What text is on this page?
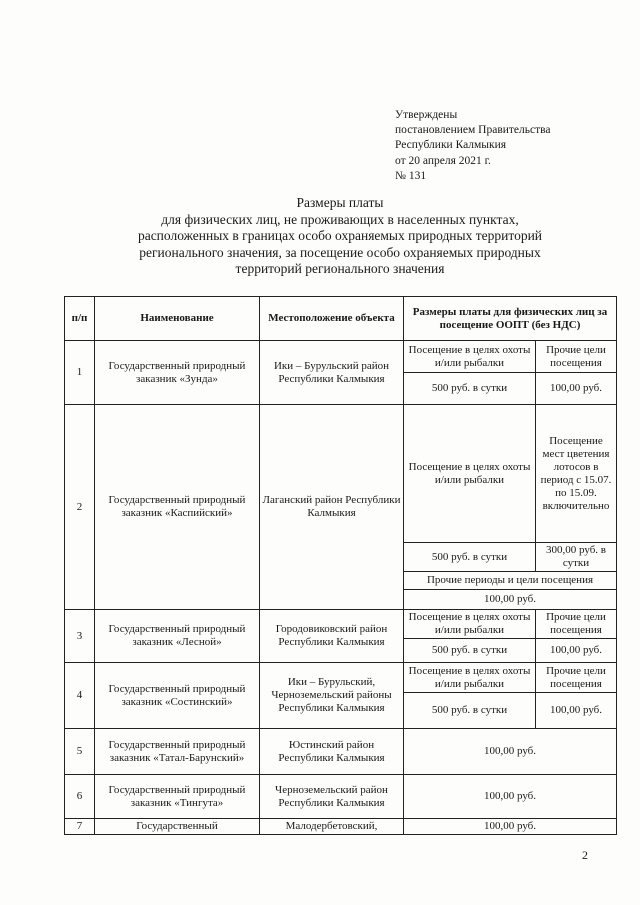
Утверждены
постановлением Правительства
Республики Калмыкия
от 20 апреля 2021 г.
№ 131
Размеры платы
для физических лиц, не проживающих в населенных пунктах,
расположенных в границах особо охраняемых природных территорий
регионального значения, за посещение особо охраняемых природных
территорий регионального значения
п/п	Наименование	Местоположение объекта	Размеры платы для физических лиц за посещение ООПТ (без НДС)	
1	Государственный природный заказник «Зунда»	Ики – Бурульский район Республики Калмыкия	Посещение в целях охоты и/или рыбалки	Прочие цели посещения
			500 руб. в сутки	100,00 руб.
2	Государственный природный заказник «Каспийский»	Лаганский район Республики Калмыкия	Посещение в целях охоты и/или рыбалки	Посещение мест цветения лотосов в период с 15.07. по 15.09. включительно
			500 руб. в сутки	300,00 руб. в сутки
			Прочие периоды и цели посещения	
			100,00 руб.	
3	Государственный природный заказник «Лесной»	Городовиковский район Республики Калмыкия	Посещение в целях охоты и/или рыбалки	Прочие цели посещения
			500 руб. в сутки	100,00 руб.
4	Государственный природный заказник «Состинский»	Ики – Бурульский, Черноземельский районы Республики Калмыкия	Посещение в целях охоты и/или рыбалки	Прочие цели посещения
			500 руб. в сутки	100,00 руб.
5	Государственный природный заказник «Татал-Барунский»	Юстинский район Республики Калмыкия	100,00 руб.	
6	Государственный природный заказник «Тингута»	Черноземельский район Республики Калмыкия	100,00 руб.	
7	Государственный	Малодербетовский,	100,00 руб.	
2
